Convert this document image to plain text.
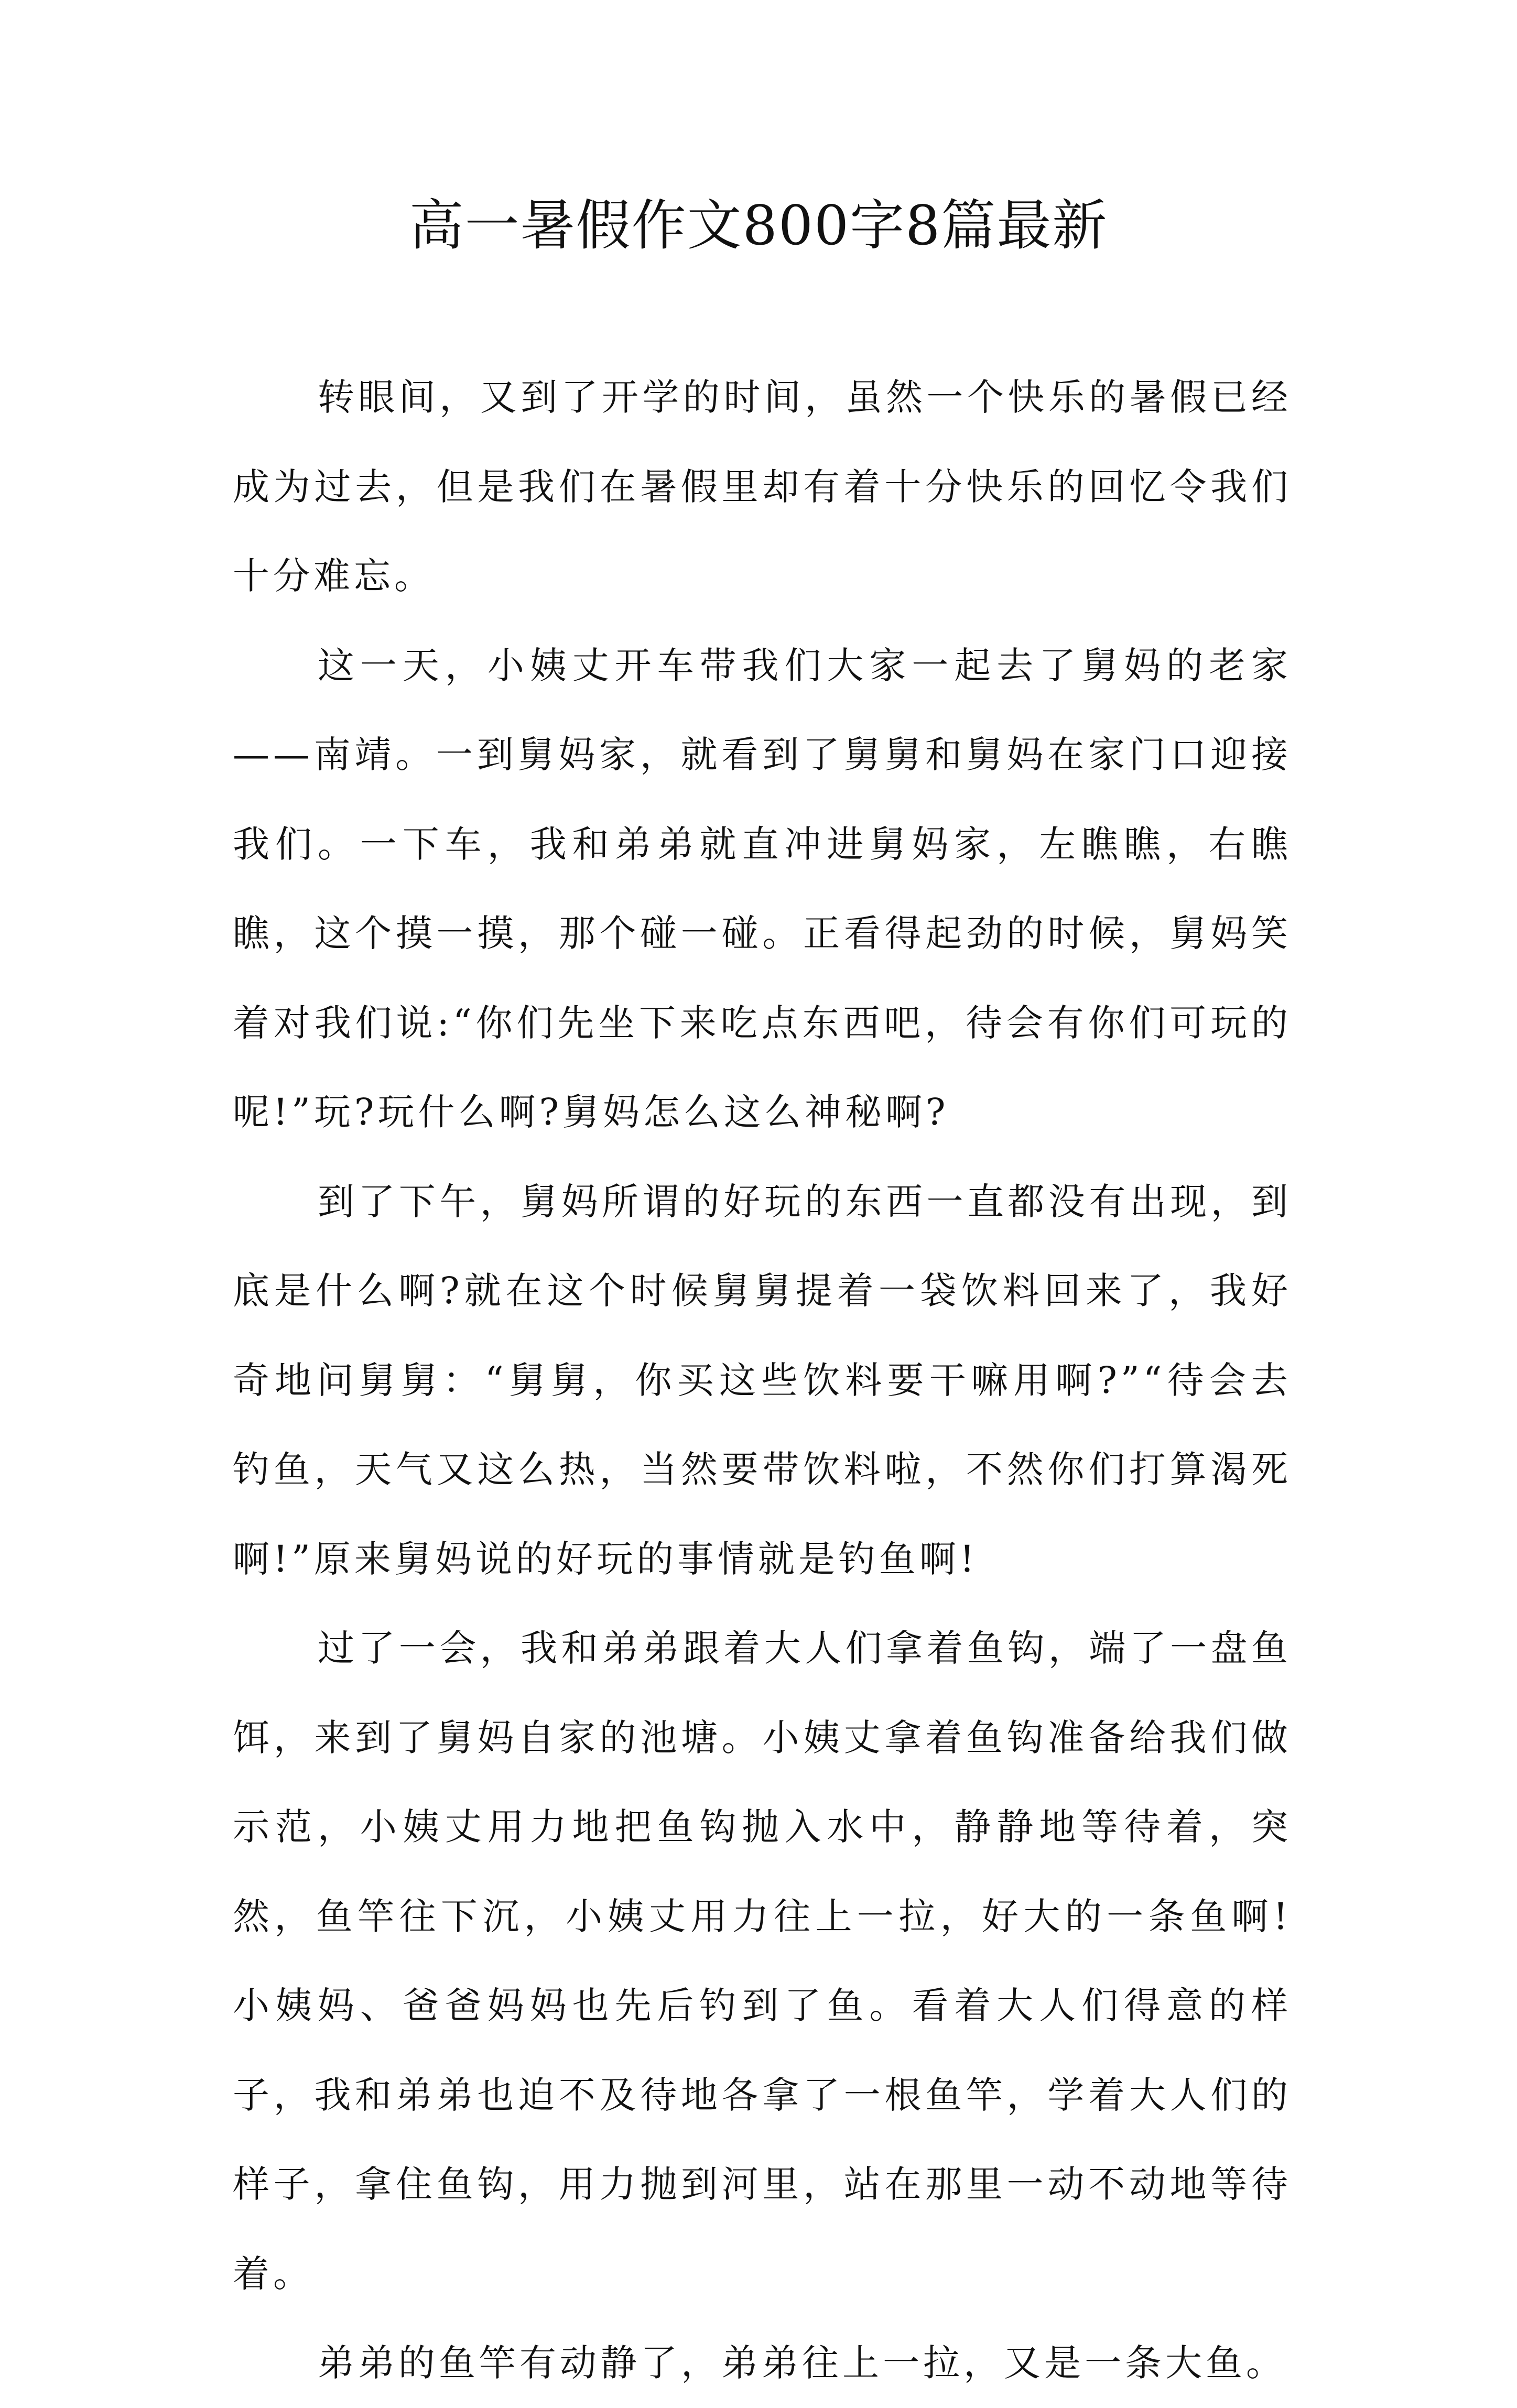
高一暑假作文800字8篇最新

转眼间，又到了开学的时间，虽然一个快乐的暑假已经成为过去，但是我们在暑假里却有着十分快乐的回忆令我们十分难忘。

这一天，小姨丈开车带我们大家一起去了舅妈的老家——南靖。一到舅妈家，就看到了舅舅和舅妈在家门口迎接我们。一下车，我和弟弟就直冲进舅妈家，左瞧瞧，右瞧瞧，这个摸一摸，那个碰一碰。正看得起劲的时候，舅妈笑着对我们说:“你们先坐下来吃点东西吧，待会有你们可玩的呢!”玩?玩什么啊?舅妈怎么这么神秘啊?

到了下午，舅妈所谓的好玩的东西一直都没有出现，到底是什么啊?就在这个时候舅舅提着一袋饮料回来了，我好奇地问舅舅：“舅舅，你买这些饮料要干嘛用啊?”“待会去钓鱼，天气又这么热，当然要带饮料啦，不然你们打算渴死啊!”原来舅妈说的好玩的事情就是钓鱼啊!

过了一会，我和弟弟跟着大人们拿着鱼钩，端了一盘鱼饵，来到了舅妈自家的池塘。小姨丈拿着鱼钩准备给我们做示范，小姨丈用力地把鱼钩抛入水中，静静地等待着，突然，鱼竿往下沉，小姨丈用力往上一拉，好大的一条鱼啊!小姨妈、爸爸妈妈也先后钓到了鱼。看着大人们得意的样子，我和弟弟也迫不及待地各拿了一根鱼竿，学着大人们的样子，拿住鱼钩，用力抛到河里，站在那里一动不动地等待着。

弟弟的鱼竿有动静了，弟弟往上一拉，又是一条大鱼。
